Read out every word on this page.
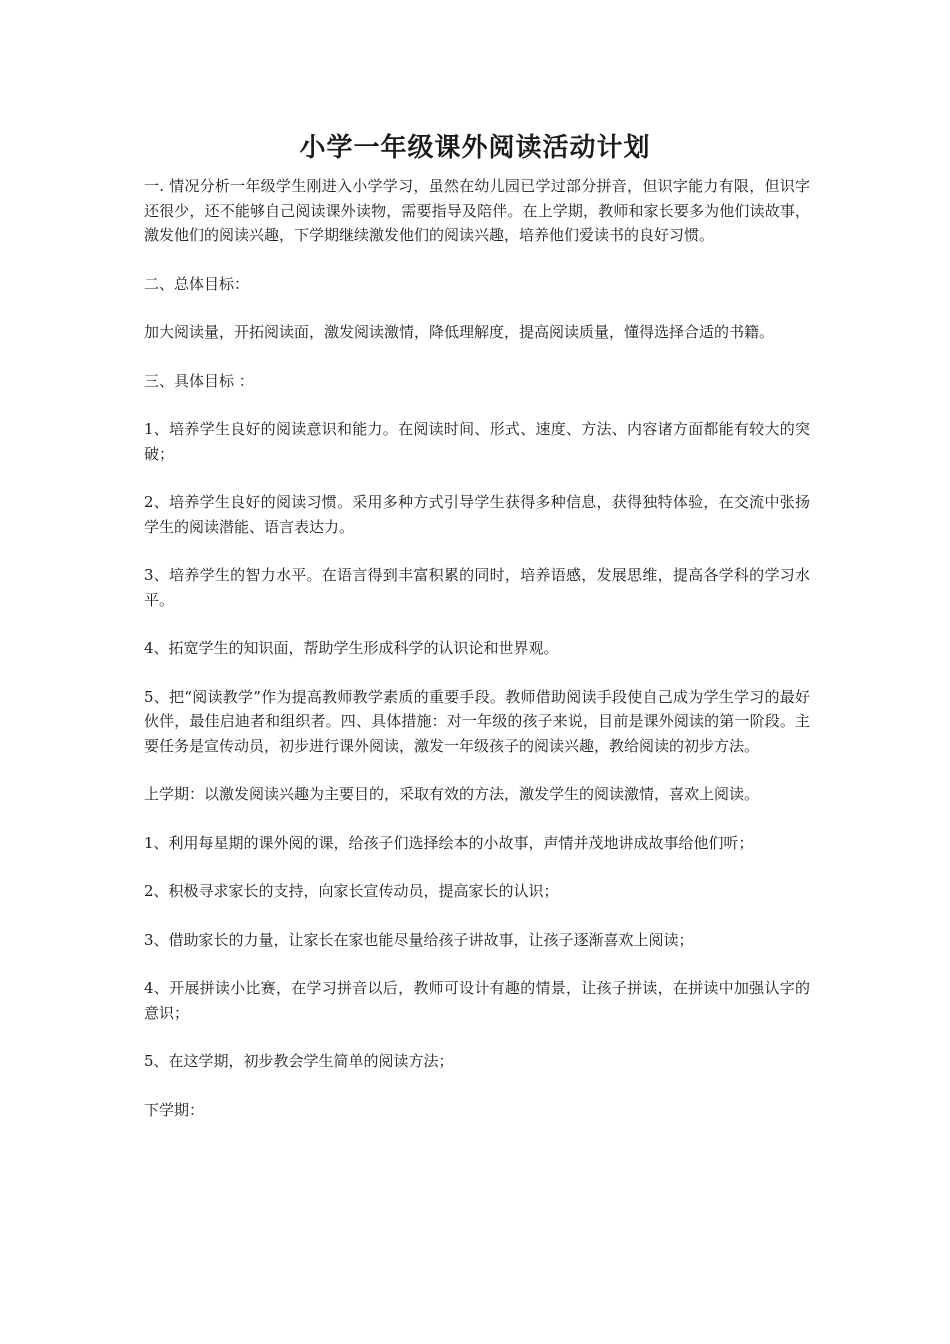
小学一年级课外阅读活动计划

一. 情况分析一年级学生刚进入小学学习，虽然在幼儿园已学过部分拼音，但识字能力有限，但识字还很少，还不能够自己阅读课外读物，需要指导及陪伴。在上学期，教师和家长要多为他们读故事，激发他们的阅读兴趣，下学期继续激发他们的阅读兴趣，培养他们爱读书的良好习惯。

二、总体目标：

加大阅读量，开拓阅读面，激发阅读激情，降低理解度，提高阅读质量，懂得选择合适的书籍。

三、具体目标 ：

1、培养学生良好的阅读意识和能力。在阅读时间、形式、速度、方法、内容诸方面都能有较大的突破；

2、培养学生良好的阅读习惯。采用多种方式引导学生获得多种信息，获得独特体验，在交流中张扬学生的阅读潜能、语言表达力。

3、培养学生的智力水平。在语言得到丰富积累的同时，培养语感，发展思维，提高各学科的学习水平。

4、拓宽学生的知识面，帮助学生形成科学的认识论和世界观。

5、把“阅读教学”作为提高教师教学素质的重要手段。教师借助阅读手段使自己成为学生学习的最好伙伴，最佳启迪者和组织者。四、具体措施：对一年级的孩子来说，目前是课外阅读的第一阶段。主要任务是宣传动员，初步进行课外阅读，激发一年级孩子的阅读兴趣，教给阅读的初步方法。

上学期：以激发阅读兴趣为主要目的，采取有效的方法，激发学生的阅读激情，喜欢上阅读。

1、利用每星期的课外阅的课，给孩子们选择绘本的小故事，声情并茂地讲成故事给他们听；

2、积极寻求家长的支持，向家长宣传动员，提高家长的认识；

3、借助家长的力量，让家长在家也能尽量给孩子讲故事，让孩子逐渐喜欢上阅读；

4、开展拼读小比赛，在学习拼音以后，教师可设计有趣的情景，让孩子拼读，在拼读中加强认字的意识；

5、在这学期，初步教会学生简单的阅读方法；

下学期：
